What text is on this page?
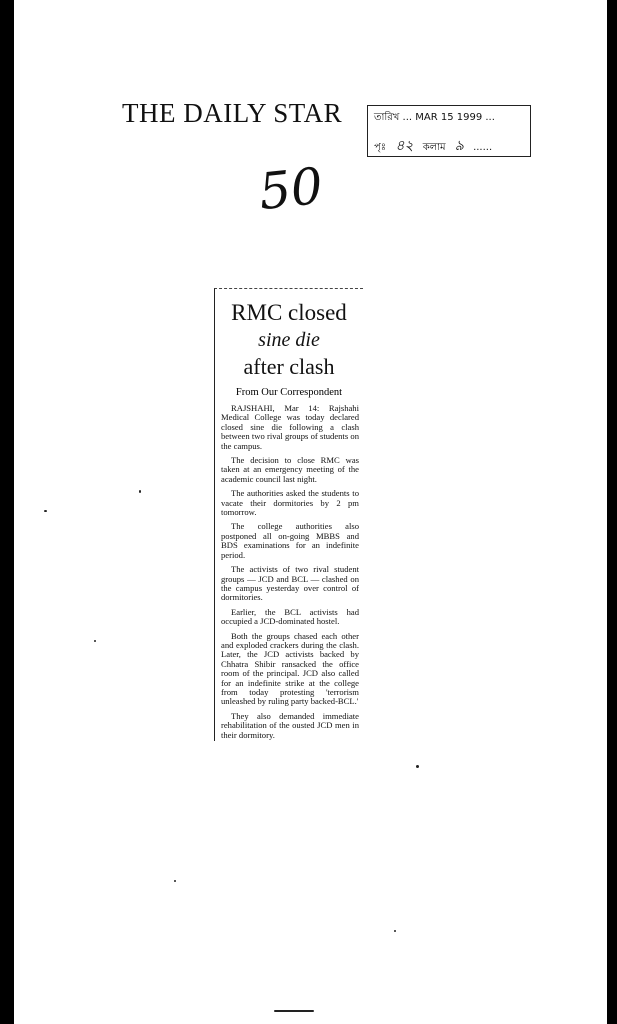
THE DAILY STAR	তারিখ ... MAR 15 1999 ...
পৃঃ ৪২ কলাম ৯ ......
50
RMC closed
sine die
after clash
From Our Correspondent

RAJSHAHI, Mar 14: Rajshahi Medical College was today declared closed sine die following a clash between two rival groups of students on the campus.

The decision to close RMC was taken at an emergency meeting of the academic council last night.

The authorities asked the students to vacate their dormitories by 2 pm tomorrow.

The college authorities also postponed all on-going MBBS and BDS examinations for an indefinite period.

The activists of two rival student groups — JCD and BCL — clashed on the campus yesterday over control of dormitories.

Earlier, the BCL activists had occupied a JCD-dominated hostel.

Both the groups chased each other and exploded crackers during the clash. Later, the JCD activists backed by Chhatra Shibir ransacked the office room of the principal. JCD also called for an indefinite strike at the college from today protesting 'terrorism unleashed by ruling party backed-BCL.'

They also demanded immediate rehabilitation of the ousted JCD men in their dormitory.
